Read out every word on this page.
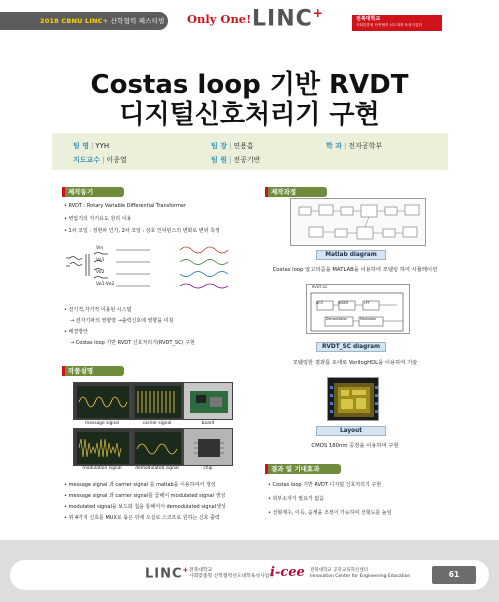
2018 CBNU LINC+ 산학협력 페스티벌 Only One! LINC+	전북대학교
사회맞춤형 산학협력 선도대학 육성사업단
Costas loop 기반 RVDT
디지털신호처리기 구현
팀 명 | YYH	팀 장 | 연용흠	학 과 | 전자공학부
지도교수 | 이종열	팀 원 | 전공기반
제작동기
• RVDT : Rotary Variable Differential Transformer
• 변압기의 자기유도 원리 이용
• 1차 코일 : 정현파 인가, 2차 코일 : 상호 인덕턴스의 변화로 변위 측정
Vin
Vo1
Vo2
Vo1-Vo2
• 전기적,자기적 이용된 시스템
→ 전자기파의 영향령 →출력신호에 영향을 미침
• 해결방안
→ Costas loop 기반 RVDT 신호처리기(RVDT_SC) 구현
작품설명
message signal	carrier signal	board
modulation signal	demodulated signal	chip
• message signal 과 carrier signal 를 matlab을 이용하여서 생성
• message signal 과 carrier signal를 곱해서 modulated signal 생성
• modulated signal을 보드와 칩을 통해서서 demodulated signal생성
• 위 4가지 신호를 MUX로 묶은 뒤에 오실로 스코프로 원하는 신호 출력
제작과정
Matlab diagram
Costas loop 알고리즘을 MATLAB을 이용하여 모델링 하여 시뮬레이션
RVDT-SC
NCO	MIXER	LPF
Demodulator	Modulator
RVDT_SC diagram
모델링한 결과를 토대로 VerilogHDL을 이용하여 기술
Layout
CMOS 180nm 공정을 이용하여 구현
결과 및 기대효과
• Costas loop 기반 RVDT 디지털 신호처리기 구현
• 외부소자가 필요가 없음
• 선형계수, 이득, 옵셋을 조정이 가능하여 선형도를 높임
LINC+ 전북대학교
사회맞춤형 산학협력선도대학육성사업단
i-cee 전북대학교 공학교육혁신센터
Innovation Center for Engineering Education	61
